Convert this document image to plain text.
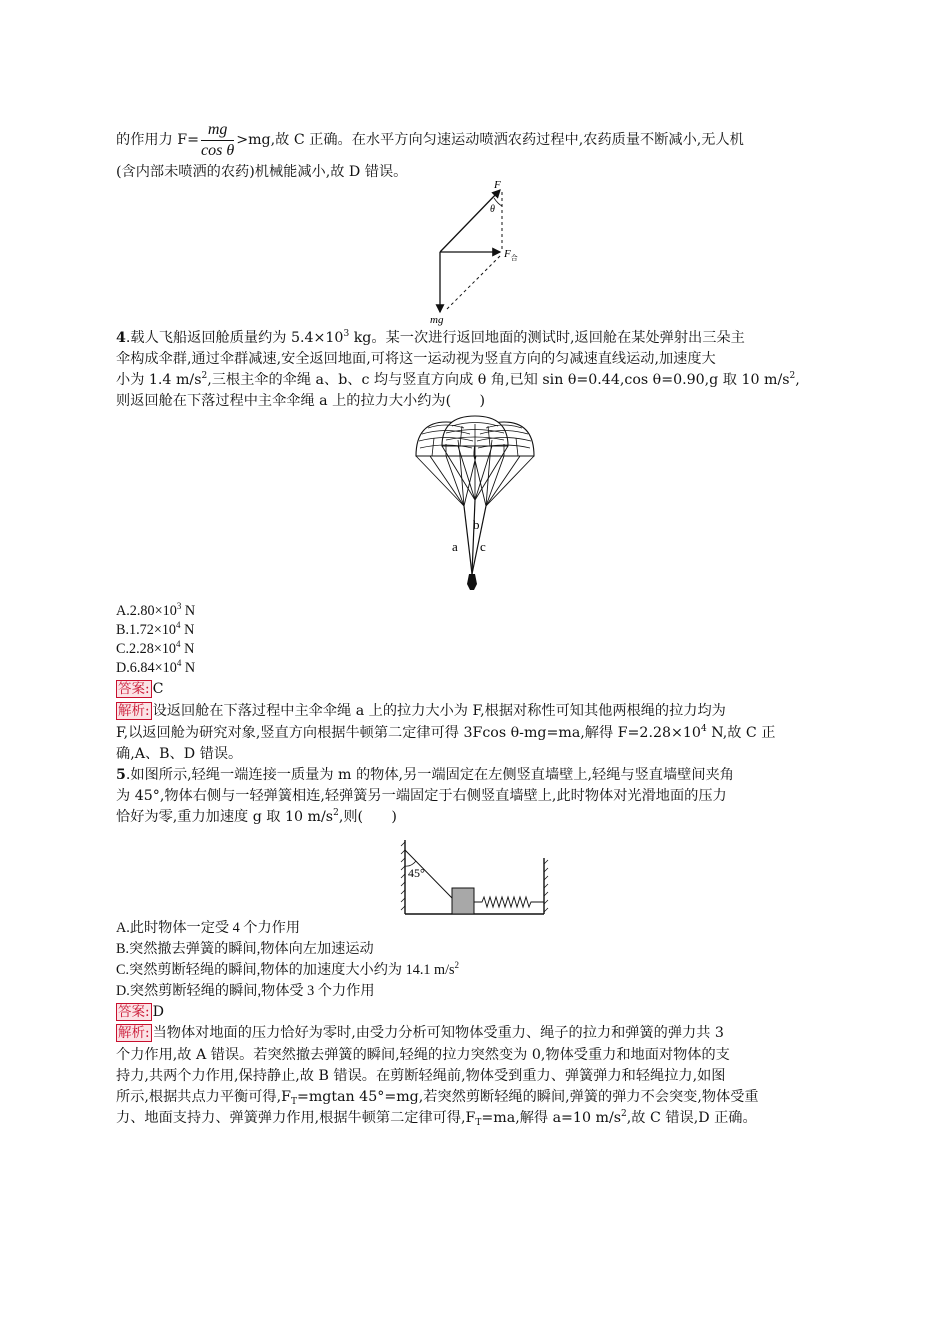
的作用力 $F= \frac{mg}{\text{cos θ}} >mg$,故 C 正确。在水平方向匀速运动喷洒农药过程中,农药质量不断减小,无人机
(含内部未喷洒的农药)机械能减小,故 D 错误。
F
θ
$F_合$
mg
4.载人飞船返回舱质量约为 $5.4\times 10^3$ kg。某一次进行返回地面的测试时,返回舱在某处弹射出三朵主
伞构成伞群,通过伞群减速,安全返回地面,可将这一运动视为竖直方向的匀减速直线运动,加速度大
小为 1.4 $m/s^2$,三根主伞的伞绳 a、b、c 均与竖直方向成 θ 角,已知 sin θ=0.44,cos θ=0.90,g 取 10 $m/s^2$,
则返回舱在下落过程中主伞伞绳 a 上的拉力大小约为(　　)
a
b
c
$A.2.80\times 10^3$ N
$B.1.72\times 10^4$ N
$C.2.28\times 10^4$ N
$D.6.84\times 10^4$ N
答案: C
解析: 设返回舱在下落过程中主伞伞绳 a 上的拉力大小为 F,根据对称性可知其他两根绳的拉力均为
F,以返回舱为研究对象,竖直方向根据牛顿第二定律可得 3Fcos θ-mg=ma,解得 $F=2.28\times 10^4$ N,故 C 正
确,A、B、D 错误。
5.如图所示,轻绳一端连接一质量为 m 的物体,另一端固定在左侧竖直墙壁上,轻绳与竖直墙壁间夹角
为 45°,物体右侧与一轻弹簧相连,轻弹簧另一端固定于右侧竖直墙壁上,此时物体对光滑地面的压力
恰好为零,重力加速度 g 取 10 $m/s^2$,则(　　)
45°
A.此时物体一定受 4 个力作用
B.突然撤去弹簧的瞬间,物体向左加速运动
C.突然剪断轻绳的瞬间,物体的加速度大小约为 14.1 $m/s^2$
D.突然剪断轻绳的瞬间,物体受 3 个力作用
答案: D
解析: 当物体对地面的压力恰好为零时,由受力分析可知物体受重力、绳子的拉力和弹簧的弹力共 3
个力作用,故 A 错误。若突然撤去弹簧的瞬间,轻绳的拉力突然变为 0,物体受重力和地面对物体的支
持力,共两个力作用,保持静止,故 B 错误。在剪断轻绳前,物体受到重力、弹簧弹力和轻绳拉力,如图
所示,根据共点力平衡可得$,F_T=mgtan$ 45°=mg,若突然剪断轻绳的瞬间,弹簧的弹力不会突变,物体受重
力、地面支持力、弹簧弹力作用,根据牛顿第二定律可得$,F_T=ma$,解得 a=10 $m/s^2$,故 C 错误,D 正确。
